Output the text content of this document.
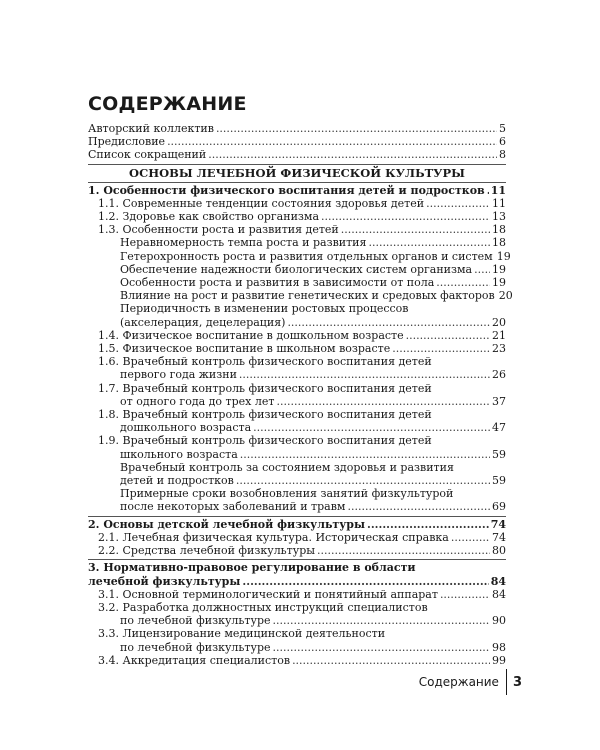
СОДЕРЖАНИЕ
Авторский коллектив .....	5
Предисловие .....	6
Список сокращений .....	8
ОСНОВЫ ЛЕЧЕБНОЙ ФИЗИЧЕСКОЙ КУЛЬТУРЫ
1. Особенности физического воспитания детей и подростков ..... 11
1.1. Современные тенденции состояния здоровья детей .....	11
1.2. Здоровье как свойство организма .....	13
1.3. Особенности роста и развития детей .....	18
Неравномерность темпа роста и развития .....	18
Гетерохронность роста и развития отдельных органов и систем 19
Обеспечение надежности биологических систем организма ..... 19
Особенности роста и развития в зависимости от пола .....	19
Влияние на рост и развитие генетических и средовых факторов 20
Периодичность в изменении ростовых процессов
(акселерация, децелерация) .....	20
1.4. Физическое воспитание в дошкольном возрасте .....	21
1.5. Физическое воспитание в школьном возрасте .....	23
1.6. Врачебный контроль физического воспитания детей
первого года жизни .....	26
1.7. Врачебный контроль физического воспитания детей
от одного года до трех лет .....	37
1.8. Врачебный контроль физического воспитания детей
дошкольного возраста .....	47
1.9. Врачебный контроль физического воспитания детей
школьного возраста .....	59
Врачебный контроль за состоянием здоровья и развития
детей и подростков .....	59
Примерные сроки возобновления занятий физкультурой
после некоторых заболеваний и травм .....	69
2. Основы детской лечебной физкультуры .....	74
2.1. Лечебная физическая культура. Историческая справка .....	74
2.2. Средства лечебной физкультуры .....	80
3. Нормативно-правовое регулирование в области
лечебной физкультуры .....	84
3.1. Основной терминологический и понятийный аппарат .....	84
3.2. Разработка должностных инструкций специалистов
по лечебной физкультуре .....	90
3.3. Лицензирование медицинской деятельности
по лечебной физкультуре .....	98
3.4. Аккредитация специалистов .....	99
Содержание 3
